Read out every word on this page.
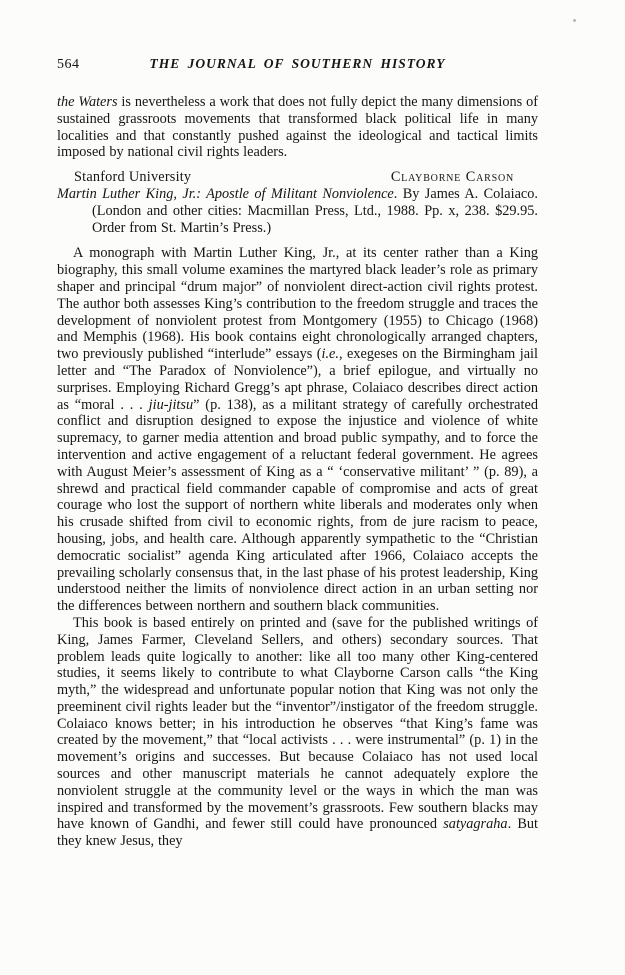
564	THE JOURNAL OF SOUTHERN HISTORY

the Waters is nevertheless a work that does not fully depict the many dimensions of sustained grassroots movements that transformed black political life in many localities and that constantly pushed against the ideological and tactical limits imposed by national civil rights leaders.

Stanford University	Clayborne Carson

Martin Luther King, Jr.: Apostle of Militant Nonviolence. By James A. Colaiaco. (London and other cities: Macmillan Press, Ltd., 1988. Pp. x, 238. $29.95. Order from St. Martin’s Press.)

A monograph with Martin Luther King, Jr., at its center rather than a King biography, this small volume examines the martyred black leader’s role as primary shaper and principal “drum major” of nonviolent direct-action civil rights protest. The author both assesses King’s contribution to the freedom struggle and traces the development of nonviolent protest from Montgomery (1955) to Chicago (1968) and Memphis (1968). His book contains eight chronologically arranged chapters, two previously published “interlude” essays (i.e., exegeses on the Birmingham jail letter and “The Paradox of Nonviolence”), a brief epilogue, and virtually no surprises. Employing Richard Gregg’s apt phrase, Colaiaco describes direct action as “moral . . . jiu-jitsu” (p. 138), as a militant strategy of carefully orchestrated conflict and disruption designed to expose the injustice and violence of white supremacy, to garner media attention and broad public sympathy, and to force the intervention and active engagement of a reluctant federal government. He agrees with August Meier’s assessment of King as a “ ‘conservative militant’ ” (p. 89), a shrewd and practical field commander capable of compromise and acts of great courage who lost the support of northern white liberals and moderates only when his crusade shifted from civil to economic rights, from de jure racism to peace, housing, jobs, and health care. Although apparently sympathetic to the “Christian democratic socialist” agenda King articulated after 1966, Colaiaco accepts the prevailing scholarly consensus that, in the last phase of his protest leadership, King understood neither the limits of nonviolence direct action in an urban setting nor the differences between northern and southern black communities.

This book is based entirely on printed and (save for the published writings of King, James Farmer, Cleveland Sellers, and others) secondary sources. That problem leads quite logically to another: like all too many other King-centered studies, it seems likely to contribute to what Clayborne Carson calls “the King myth,” the widespread and unfortunate popular notion that King was not only the preeminent civil rights leader but the “inventor”/instigator of the freedom struggle. Colaiaco knows better; in his introduction he observes “that King’s fame was created by the movement,” that “local activists . . . were instrumental” (p. 1) in the movement’s origins and successes. But because Colaiaco has not used local sources and other manuscript materials he cannot adequately explore the nonviolent struggle at the community level or the ways in which the man was inspired and transformed by the movement’s grassroots. Few southern blacks may have known of Gandhi, and fewer still could have pronounced satyagraha. But they knew Jesus, they
